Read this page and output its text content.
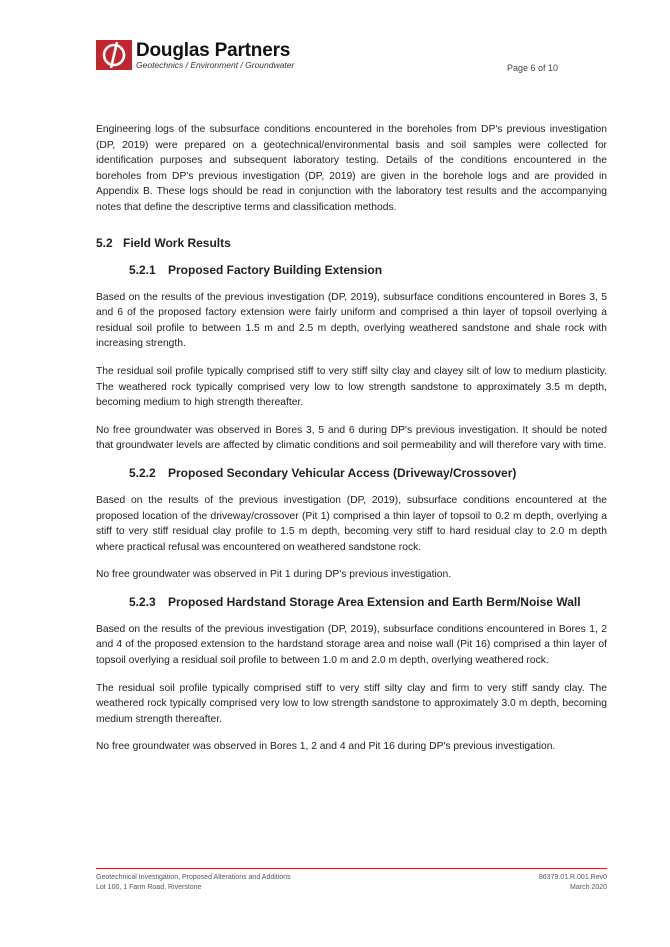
Douglas Partners
Geotechnics / Environment / Groundwater	Page 6 of 10

Engineering logs of the subsurface conditions encountered in the boreholes from DP's previous investigation (DP, 2019) were prepared on a geotechnical/environmental basis and soil samples were collected for identification purposes and subsequent laboratory testing. Details of the conditions encountered in the boreholes from DP's previous investigation (DP, 2019) are given in the borehole logs and are provided in Appendix B. These logs should be read in conjunction with the laboratory test results and the accompanying notes that define the descriptive terms and classification methods.

5.2 Field Work Results
5.2.1 Proposed Factory Building Extension

Based on the results of the previous investigation (DP, 2019), subsurface conditions encountered in Bores 3, 5 and 6 of the proposed factory extension were fairly uniform and comprised a thin layer of topsoil overlying a residual soil profile to between 1.5 m and 2.5 m depth, overlying weathered sandstone and shale rock with increasing strength.

The residual soil profile typically comprised stiff to very stiff silty clay and clayey silt of low to medium plasticity. The weathered rock typically comprised very low to low strength sandstone to approximately 3.5 m depth, becoming medium to high strength thereafter.

No free groundwater was observed in Bores 3, 5 and 6 during DP's previous investigation. It should be noted that groundwater levels are affected by climatic conditions and soil permeability and will therefore vary with time.

5.2.2 Proposed Secondary Vehicular Access (Driveway/Crossover)

Based on the results of the previous investigation (DP, 2019), subsurface conditions encountered at the proposed location of the driveway/crossover (Pit 1) comprised a thin layer of topsoil to 0.2 m depth, overlying a stiff to very stiff residual clay profile to 1.5 m depth, becoming very stiff to hard residual clay to 2.0 m depth where practical refusal was encountered on weathered sandstone rock.

No free groundwater was observed in Pit 1 during DP's previous investigation.

5.2.3 Proposed Hardstand Storage Area Extension and Earth Berm/Noise Wall

Based on the results of the previous investigation (DP, 2019), subsurface conditions encountered in Bores 1, 2 and 4 of the proposed extension to the hardstand storage area and noise wall (Pit 16) comprised a thin layer of topsoil overlying a residual soil profile to between 1.0 m and 2.0 m depth, overlying weathered rock.

The residual soil profile typically comprised stiff to very stiff silty clay and firm to very stiff sandy clay. The weathered rock typically comprised very low to low strength sandstone to approximately 3.0 m depth, becoming medium strength thereafter.

No free groundwater was observed in Bores 1, 2 and 4 and Pit 16 during DP's previous investigation.

Geotechnical Investigation, Proposed Alterations and Additions
Lot 100, 1 Farm Road, Riverstone
86379.01.R.001.Rev0
March 2020
